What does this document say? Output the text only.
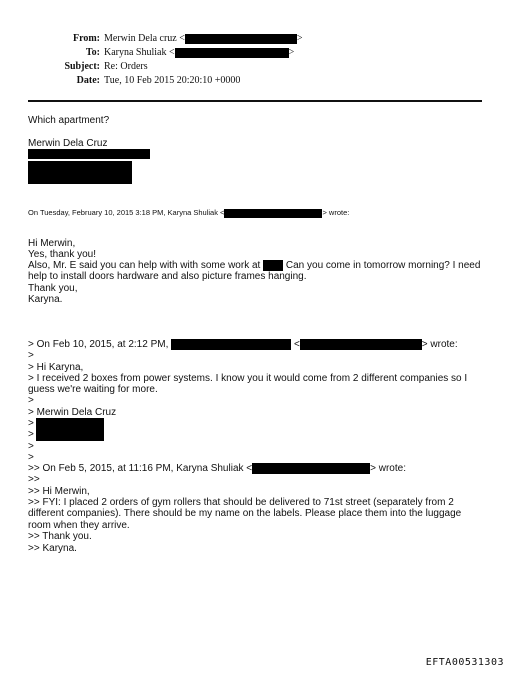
From: Merwin Dela cruz <	>
To: Karyna Shuliak <	>
Subject: Re: Orders
Date: Tue, 10 Feb 2015 20:20:10 +0000
Which apartment?
Merwin Dela Cruz
On Tuesday, February 10, 2015 3:18 PM, Karyna Shuliak <	> wrote:
Hi Merwin,
Yes, thank you!
Also, Mr. E said you can help with with some work at	Can you come in tomorrow morning? I need
help to install doors hardware and also picture frames hanging.
Thank you,
Karyna.
> On Feb 10, 2015, at 2:12 PM,	<	> wrote:
>
> Hi Karyna,
> I received 2 boxes from power systems. I know you it would come from 2 different companies so I
guess we're waiting for more.
>
> Merwin Dela Cruz
>
>
>
>
>> On Feb 5, 2015, at 11:16 PM, Karyna Shuliak <	> wrote:
>>
>> Hi Merwin,
>> FYI: I placed 2 orders of gym rollers that should be delivered to 71st street (separately from 2
different companies). There should be my name on the labels. Please place them into the luggage
room when they arrive.
>> Thank you.
>> Karyna.
EFTA00531303
